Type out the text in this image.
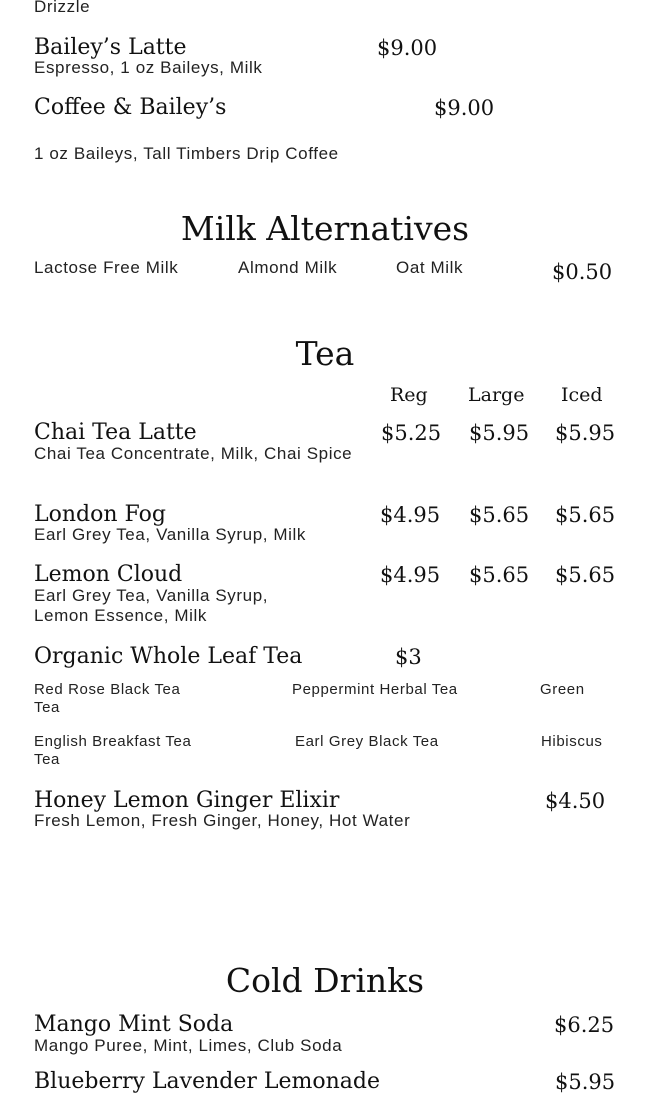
Drizzle
Bailey’s Latte	$9.00
Espresso, 1 oz Baileys, Milk
Coffee & Bailey’s	$9.00
1 oz Baileys, Tall Timbers Drip Coffee
Milk Alternatives
Lactose Free Milk	Almond Milk	Oat Milk	$0.50
Tea
Reg Large Iced
Chai Tea Latte	$5.25 $5.95 $5.95
Chai Tea Concentrate, Milk, Chai Spice
London Fog	$4.95 $5.65 $5.65
Earl Grey Tea, Vanilla Syrup, Milk
Lemon Cloud	$4.95 $5.65 $5.65
Earl Grey Tea, Vanilla Syrup, Lemon Essence, Milk
Organic Whole Leaf Tea	$3
Red Rose Black Tea	Peppermint Herbal Tea	Green Tea
English Breakfast Tea	Earl Grey Black Tea	Hibiscus Tea
Honey Lemon Ginger Elixir	$4.50
Fresh Lemon, Fresh Ginger, Honey, Hot Water
Cold Drinks
Mango Mint Soda	$6.25
Mango Puree, Mint, Limes, Club Soda
Blueberry Lavender Lemonade	$5.95
